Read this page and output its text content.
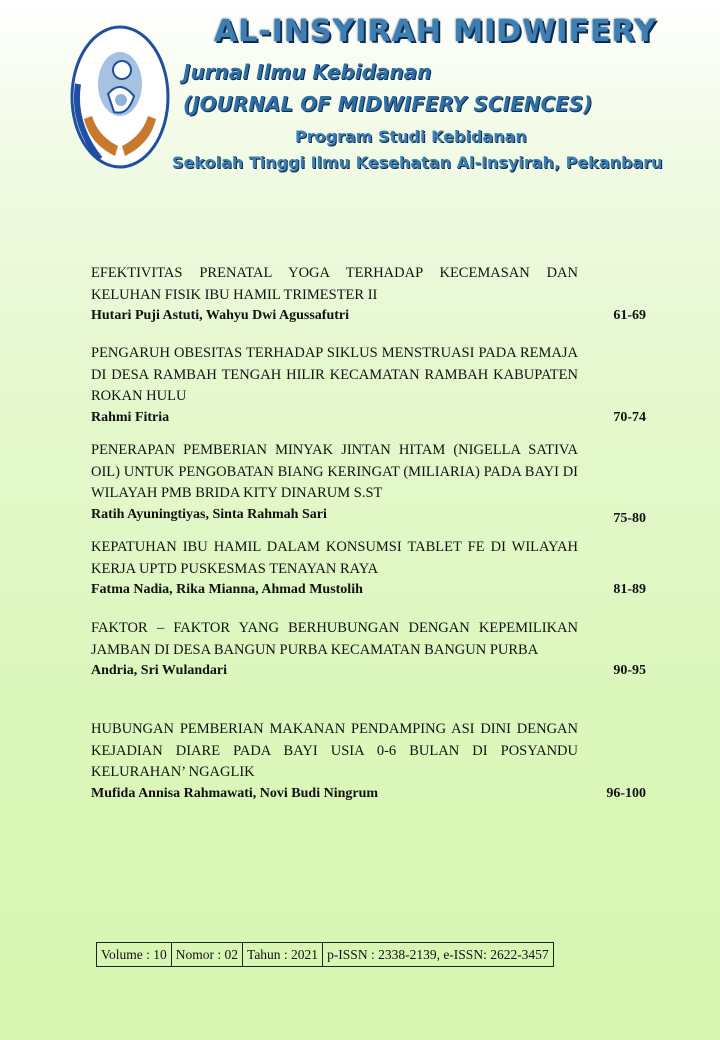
AL-INSYIRAH MIDWIFERY
Jurnal Ilmu Kebidanan
(JOURNAL OF MIDWIFERY SCIENCES)
Program Studi Kebidanan
Sekolah Tinggi Ilmu Kesehatan Al-Insyirah, Pekanbaru
EFEKTIVITAS PRENATAL YOGA TERHADAP KECEMASAN DAN KELUHAN FISIK IBU HAMIL TRIMESTER II
Hutari Puji Astuti, Wahyu Dwi Agussafutri	61-69
PENGARUH OBESITAS TERHADAP SIKLUS MENSTRUASI PADA REMAJA DI DESA RAMBAH TENGAH HILIR KECAMATAN RAMBAH KABUPATEN ROKAN HULU
Rahmi Fitria	70-74
PENERAPAN PEMBERIAN MINYAK JINTAN HITAM (NIGELLA SATIVA OIL) UNTUK PENGOBATAN BIANG KERINGAT (MILIARIA) PADA BAYI DI WILAYAH PMB BRIDA KITY DINARUM S.ST
Ratih Ayuningtiyas, Sinta Rahmah Sari	75-80
KEPATUHAN IBU HAMIL DALAM KONSUMSI TABLET FE DI WILAYAH KERJA UPTD PUSKESMAS TENAYAN RAYA
Fatma Nadia, Rika Mianna, Ahmad Mustolih	81-89
FAKTOR – FAKTOR YANG BERHUBUNGAN DENGAN KEPEMILIKAN JAMBAN DI DESA BANGUN PURBA KECAMATAN BANGUN PURBA
Andria, Sri Wulandari	90-95
HUBUNGAN PEMBERIAN MAKANAN PENDAMPING ASI DINI DENGAN KEJADIAN DIARE PADA BAYI USIA 0-6 BULAN DI POSYANDU KELURAHAN’ NGAGLIK
Mufida Annisa Rahmawati, Novi Budi Ningrum	96-100
Volume : 10	Nomor : 02	Tahun : 2021	p-ISSN : 2338-2139, e-ISSN: 2622-3457
